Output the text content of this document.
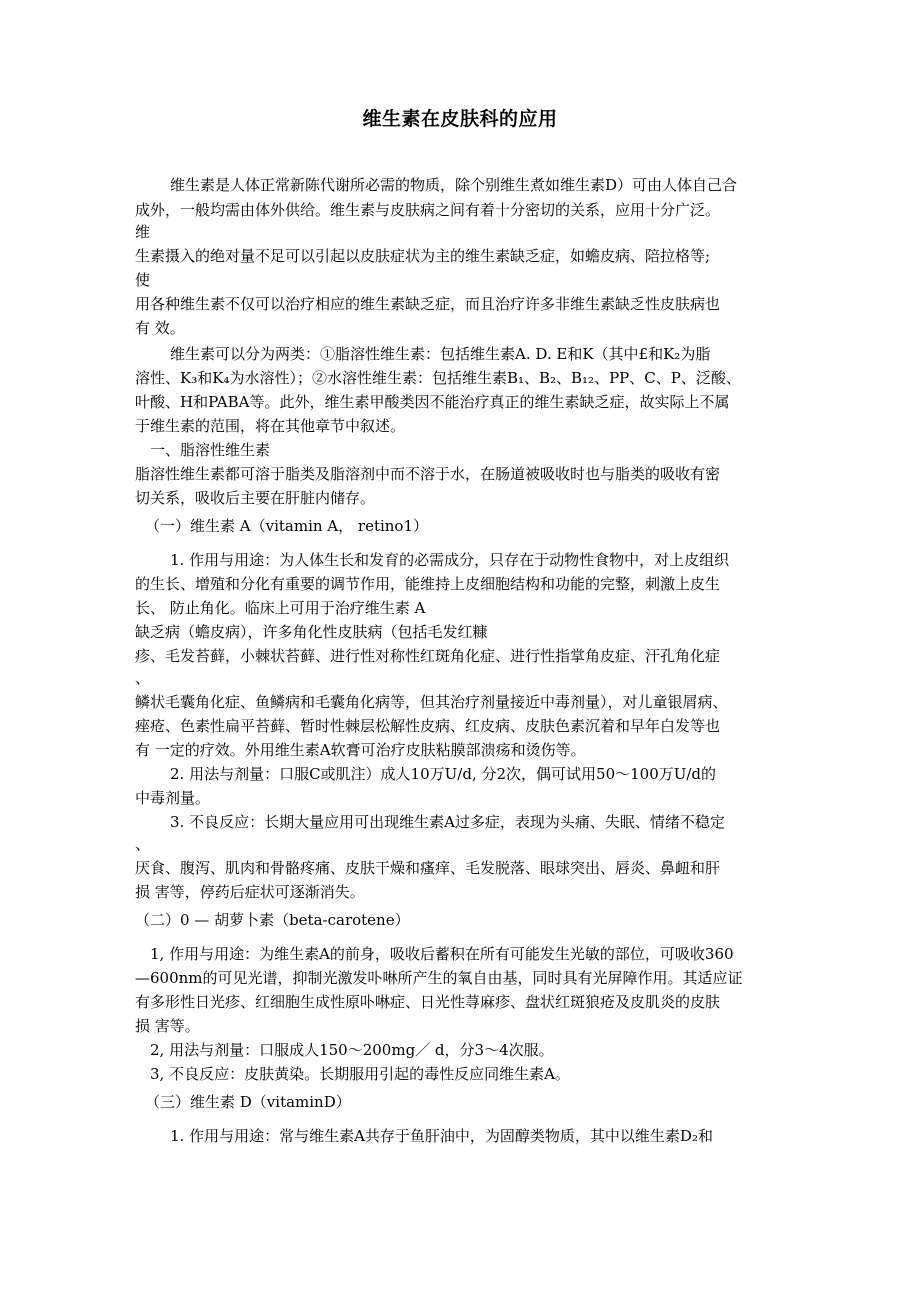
维生素在皮肤科的应用
维生素是人体正常新陈代谢所必需的物质，除个别维生煮如维生素D）可由人体自己合
成外，一般均需由体外供给。维生素与皮肤病之间有着十分密切的关系，应用十分广泛。
维
生素摄入的绝对量不足可以引起以皮肤症状为主的维生素缺乏症，如蟾皮病、陪拉格等;
使
用各种维生素不仅可以治疗相应的维生素缺乏症，而且治疗许多非维生素缺乏性皮肤病也
有 效。
维生素可以分为两类：①脂溶性维生素：包括维生素A. D. E和K（其中£和K₂为脂
溶性、K₃和K₄为水溶性）；②水溶性维生素：包括维生素B₁、B₂、B₁₂、PP、C、P、泛酸、
叶酸、H和PABA等。此外，维生素甲酸类因不能治疗真正的维生素缺乏症，故实际上不属
于维生素的范围，将在其他章节中叙述。
一、脂溶性维生素
脂溶性维生素都可溶于脂类及脂溶剂中而不溶于水，在肠道被吸收时也与脂类的吸收有密
切关系，吸收后主要在肝脏内储存。
（一）维生素 A（vitamin A， retino1）
1. 作用与用途：为人体生长和发育的必需成分，只存在于动物性食物中，对上皮组织
的生长、增殖和分化有重要的调节作用，能维持上皮细胞结构和功能的完整，刺激上皮生
长、 防止角化。临床上可用于治疗维生素 A
缺乏病（蟾皮病），许多角化性皮肤病（包括毛发红糠
疹、毛发苔藓，小棘状苔藓、进行性对称性红斑角化症、进行性指掌角皮症、汗孔角化症
、
鳞状毛囊角化症、鱼鳞病和毛囊角化病等，但其治疗剂量接近中毒剂量），对儿童银屑病、
痤疮、色素性扁平苔藓、暂时性棘层松解性皮病、红皮病、皮肤色素沉着和早年白发等也
有 一定的疗效。外用维生素A软膏可治疗皮肤粘膜部溃疡和烫伤等。
2. 用法与剂量：口服C或肌注）成人10万U/d, 分2次，偶可试用50～100万U/d的
中毒剂量。
3. 不良反应：长期大量应用可出现维生素A过多症，表现为头痛、失眠、情绪不稳定
、
厌食、腹泻、肌肉和骨骼疼痛、皮肤干燥和瘙痒、毛发脱落、眼球突出、唇炎、鼻衄和肝
损 害等，停药后症状可逐渐消失。
（二）0 — 胡萝卜素（beta-carotene）
1, 作用与用途：为维生素A的前身，吸收后蓄积在所有可能发生光敏的部位，可吸收360
—600nm的可见光谱，抑制光激发卟啉所产生的氧自由基，同时具有光屏障作用。其适应证
有多形性日光疹、红细胞生成性原卟啉症、日光性荨麻疹、盘状红斑狼疮及皮肌炎的皮肤
损 害等。
2, 用法与剂量：口服成人150～200mg／ d，分3～4次服。
3, 不良反应：皮肤黄染。长期服用引起的毒性反应同维生素A。
（三）维生素 D（vitaminD）
1. 作用与用途：常与维生素A共存于鱼肝油中，为固醇类物质，其中以维生素D₂和
